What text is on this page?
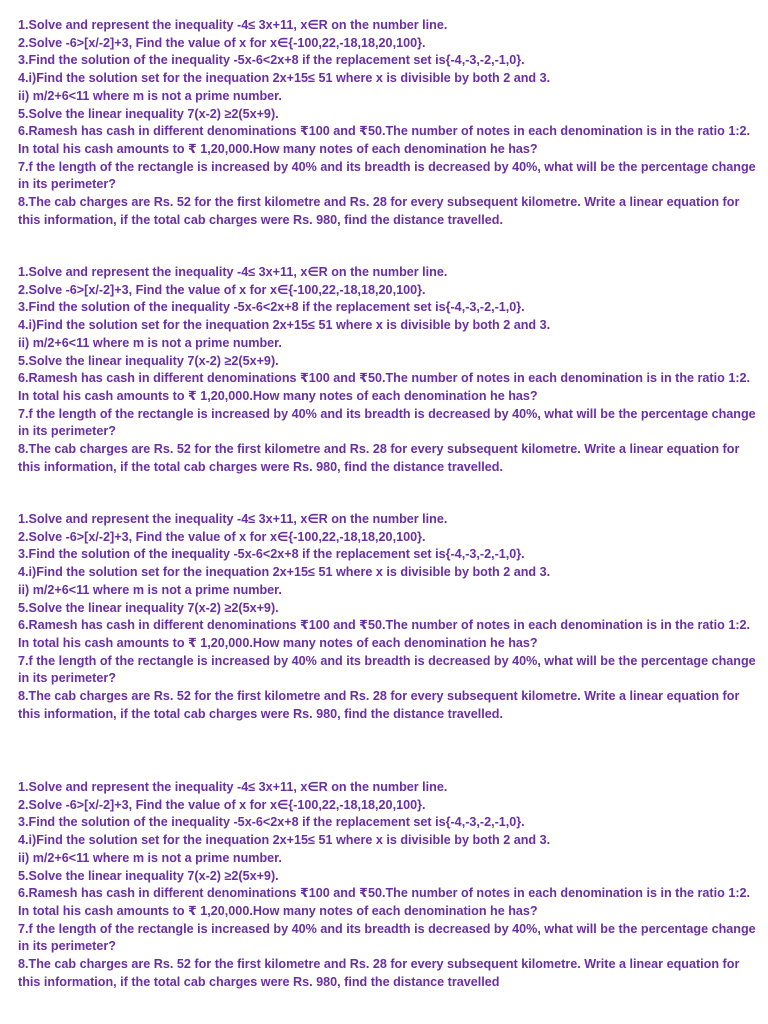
1.Solve and represent the inequality -4≤ 3x+11, x∈R on the number line.

2.Solve -6>[x/-2]+3, Find the value of x for x∈{-100,22,-18,18,20,100}.

3.Find the solution of the inequality -5x-6<2x+8 if the replacement set is{-4,-3,-2,-1,0}.

4.i)Find the solution set for the inequation 2x+15≤ 51 where x is divisible by both 2 and 3.

ii) m/2+6<11 where m is not a prime number.

5.Solve the linear inequality 7(x-2) ≥2(5x+9).

6.Ramesh has cash in different denominations ₹100 and ₹50.The number of notes in each denomination is in the ratio 1:2. In total his cash amounts to ₹ 1,20,000.How many notes of each denomination he has?

7.f the length of the rectangle is increased by 40% and its breadth is decreased by 40%, what will be the percentage change in its perimeter?

8.The cab charges are Rs. 52 for the first kilometre and Rs. 28 for every subsequent kilometre. Write a linear equation for this information, if the total cab charges were Rs. 980, find the distance travelled.

1.Solve and represent the inequality -4≤ 3x+11, x∈R on the number line.

2.Solve -6>[x/-2]+3, Find the value of x for x∈{-100,22,-18,18,20,100}.

3.Find the solution of the inequality -5x-6<2x+8 if the replacement set is{-4,-3,-2,-1,0}.

4.i)Find the solution set for the inequation 2x+15≤ 51 where x is divisible by both 2 and 3.

ii) m/2+6<11 where m is not a prime number.

5.Solve the linear inequality 7(x-2) ≥2(5x+9).

6.Ramesh has cash in different denominations ₹100 and ₹50.The number of notes in each denomination is in the ratio 1:2. In total his cash amounts to ₹ 1,20,000.How many notes of each denomination he has?

7.f the length of the rectangle is increased by 40% and its breadth is decreased by 40%, what will be the percentage change in its perimeter?

8.The cab charges are Rs. 52 for the first kilometre and Rs. 28 for every subsequent kilometre. Write a linear equation for this information, if the total cab charges were Rs. 980, find the distance travelled.

1.Solve and represent the inequality -4≤ 3x+11, x∈R on the number line.

2.Solve -6>[x/-2]+3, Find the value of x for x∈{-100,22,-18,18,20,100}.

3.Find the solution of the inequality -5x-6<2x+8 if the replacement set is{-4,-3,-2,-1,0}.

4.i)Find the solution set for the inequation 2x+15≤ 51 where x is divisible by both 2 and 3.

ii) m/2+6<11 where m is not a prime number.

5.Solve the linear inequality 7(x-2) ≥2(5x+9).

6.Ramesh has cash in different denominations ₹100 and ₹50.The number of notes in each denomination is in the ratio 1:2. In total his cash amounts to ₹ 1,20,000.How many notes of each denomination he has?

7.f the length of the rectangle is increased by 40% and its breadth is decreased by 40%, what will be the percentage change in its perimeter?

8.The cab charges are Rs. 52 for the first kilometre and Rs. 28 for every subsequent kilometre. Write a linear equation for this information, if the total cab charges were Rs. 980, find the distance travelled.

1.Solve and represent the inequality -4≤ 3x+11, x∈R on the number line.

2.Solve -6>[x/-2]+3, Find the value of x for x∈{-100,22,-18,18,20,100}.

3.Find the solution of the inequality -5x-6<2x+8 if the replacement set is{-4,-3,-2,-1,0}.

4.i)Find the solution set for the inequation 2x+15≤ 51 where x is divisible by both 2 and 3.

ii) m/2+6<11 where m is not a prime number.

5.Solve the linear inequality 7(x-2) ≥2(5x+9).

6.Ramesh has cash in different denominations ₹100 and ₹50.The number of notes in each denomination is in the ratio 1:2. In total his cash amounts to ₹ 1,20,000.How many notes of each denomination he has?

7.f the length of the rectangle is increased by 40% and its breadth is decreased by 40%, what will be the percentage change in its perimeter?

8.The cab charges are Rs. 52 for the first kilometre and Rs. 28 for every subsequent kilometre. Write a linear equation for this information, if the total cab charges were Rs. 980, find the distance travelled
